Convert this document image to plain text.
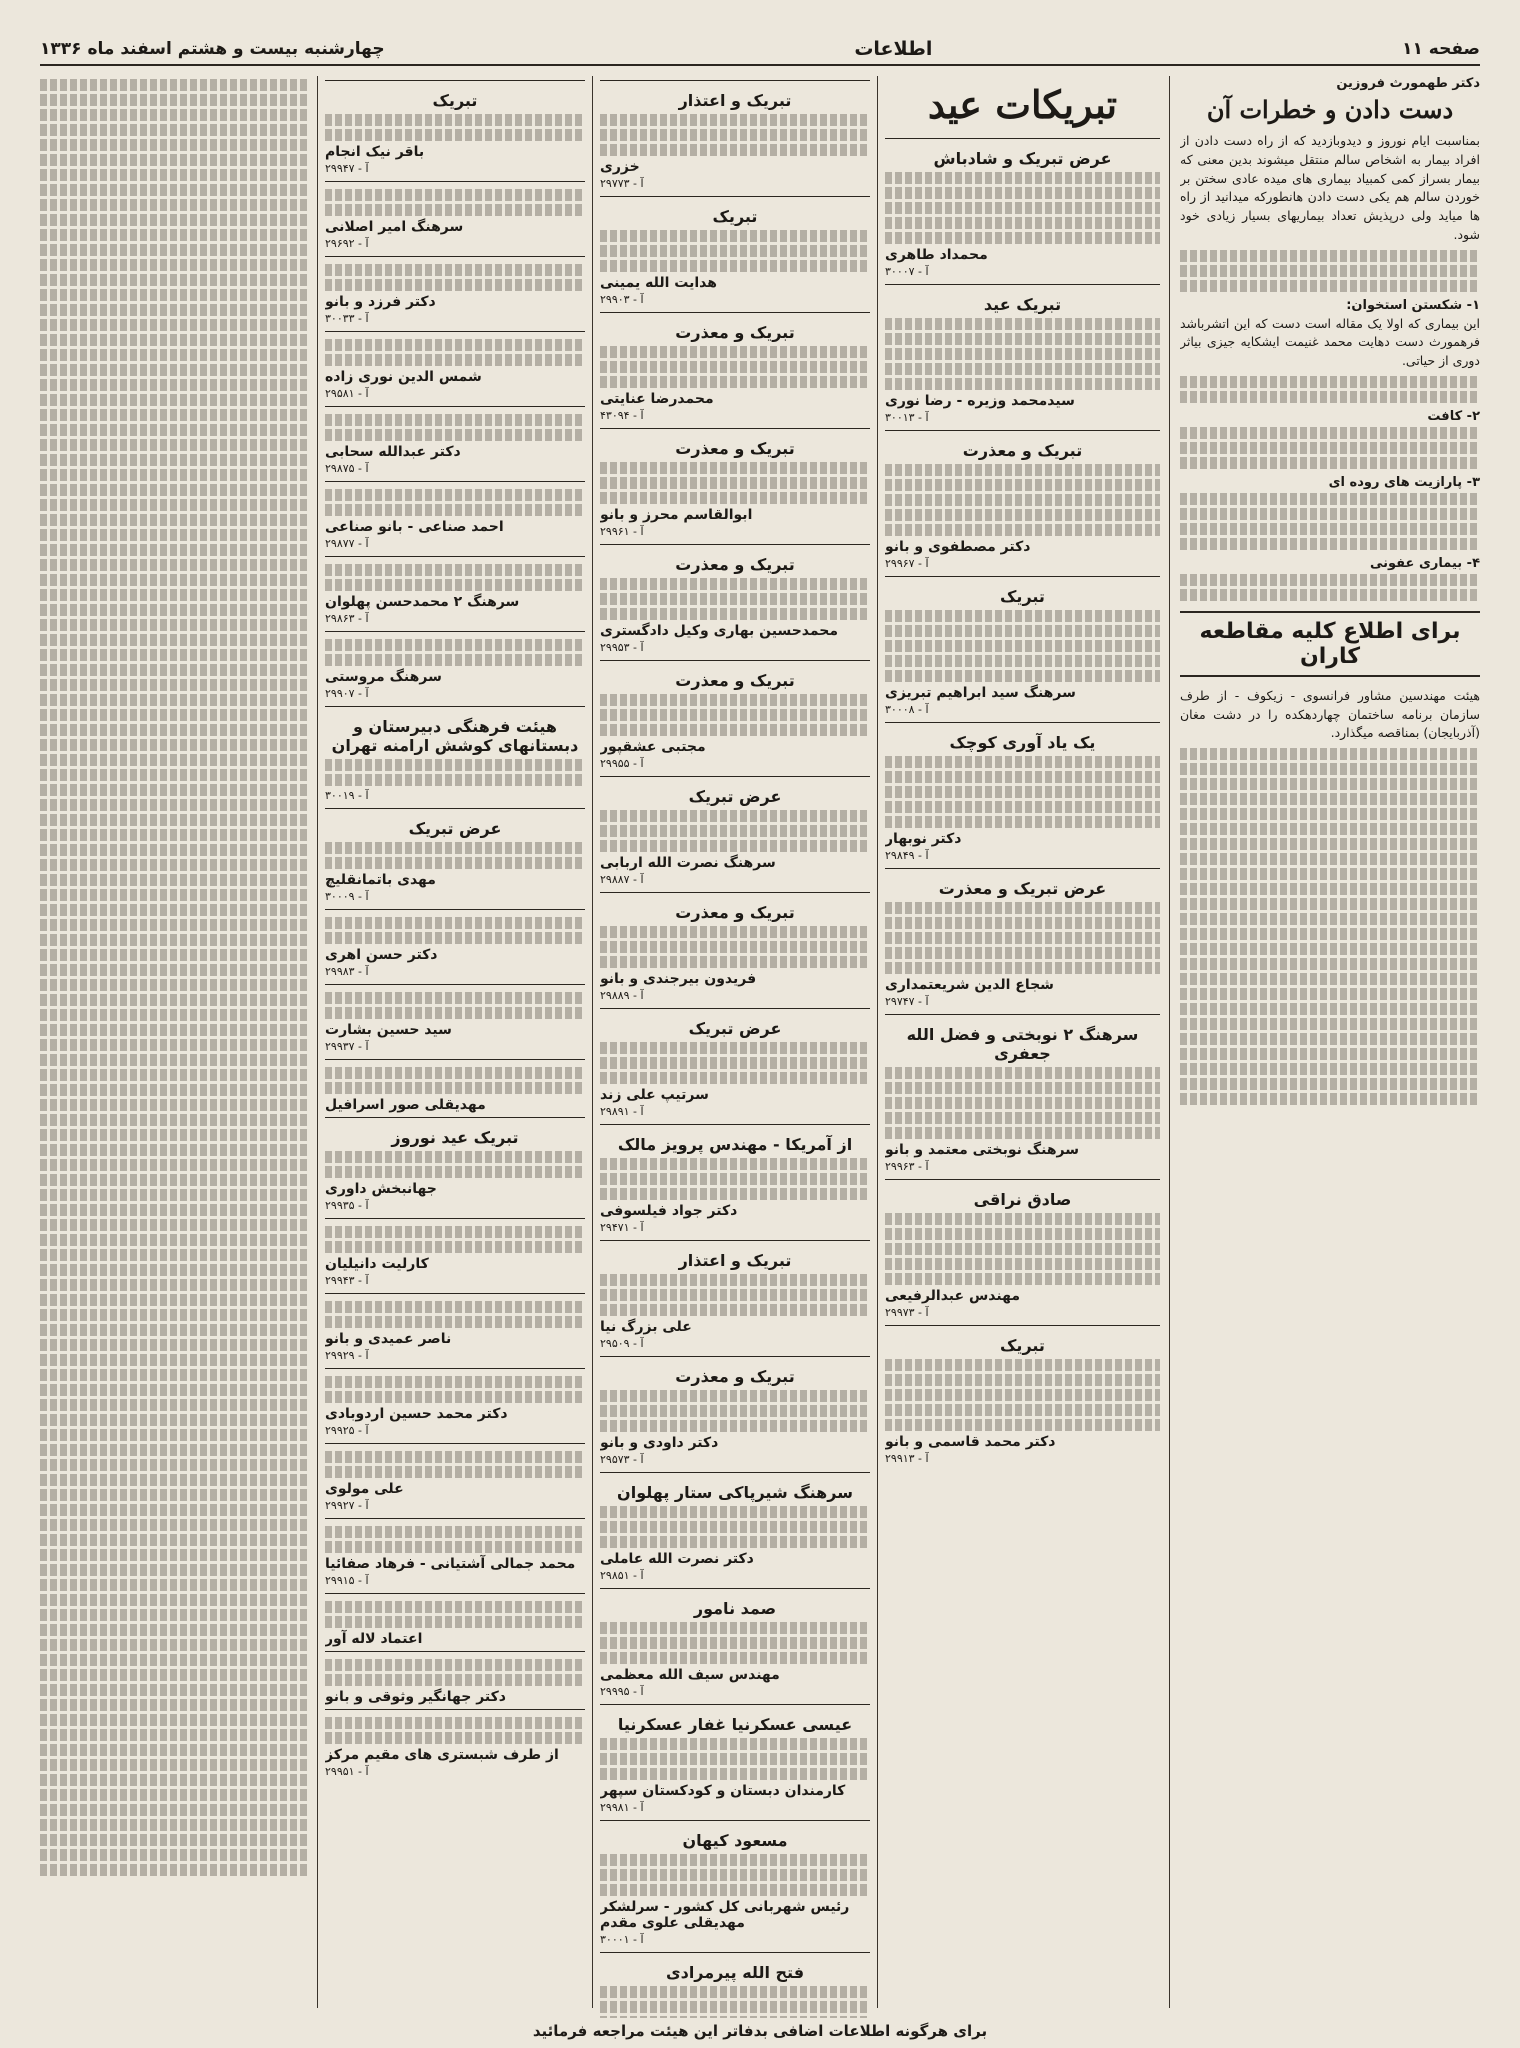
صفحه ۱۱
اطلاعات
چهارشنبه بیست و هشتم اسفند ماه ۱۳۳۶
دکتر طهمورث فروزین
دست دادن و خطرات آن

بمناسبت ایام نوروز و دیدوبازدید که از راه دست دادن از افراد بیمار به اشخاص سالم منتقل میشوند بدین معنی که بیمار بسراز کمی کمبیاد بیماری های میده عادی سختن بر خوردن سالم هم یکی دست دادن هانطورکه میدانید از راه ها میاید ولی درپذیش تعداد بیماریهای بسیار زیادی خود شود.

۱- شکستن استخوان:

این بیماری که اولا یک مقاله است دست که این اتشرباشد فرهمورث دست دهایت محمد غنیمت ایشکایه جیزی بیاثر دوری از حیاتی.

۲- کافت
۳- پارازیت های روده ای
۴- بیماری عفونی
برای اطلاع کلیه مقاطعه کاران

هیئت مهندسین مشاور فرانسوی - زیکوف - از طرف سازمان برنامه ساختمان چهاردهکده را در دشت مغان (آذربایجان) بمناقصه میگذارد.

تبریکات عید
عرض تبریک و شادباش
محمداد طاهری
آ - ۳۰۰۰۷
تبریک عید
سیدمحمد وزیره - رضا نوری
آ - ۳۰۰۱۳
تبریک و معذرت
دکتر مصطفوی و بانو
آ - ۲۹۹۶۷
تبریک
سرهنگ سید ابراهیم تبریزی
آ - ۳۰۰۰۸
یک یاد آوری کوچک
دکتر نوبهار
آ - ۲۹۸۴۹
عرض تبریک و معذرت
شجاع الدین شریعتمداری
آ - ۲۹۷۴۷
سرهنگ ۲ نوبختی و فضل الله جعفری
سرهنگ نوبختی معتمد و بانو
آ - ۲۹۹۶۳
صادق نراقی
مهندس عبدالرفیعی
آ - ۲۹۹۷۳
تبریک
دکتر محمد قاسمی و بانو
آ - ۲۹۹۱۳
تبریک و اعتذار
خزری
آ - ۲۹۷۷۳
تبریک
هدایت الله یمینی
آ - ۲۹۹۰۳
تبریک و معذرت
محمدرضا عنایتی
آ - ۴۳۰۹۴
تبریک و معذرت
ابوالقاسم محرز و بانو
آ - ۲۹۹۶۱
تبریک و معذرت
محمدحسین بهاری وکیل دادگستری
آ - ۲۹۹۵۳
تبریک و معذرت
مجتبی عشقپور
آ - ۲۹۹۵۵
عرض تبریک
سرهنگ نصرت الله اربابی
آ - ۲۹۸۸۷
تبریک و معذرت
فریدون بیرجندی و بانو
آ - ۲۹۸۸۹
عرض تبریک
سرتیپ علی زند
آ - ۲۹۸۹۱
از آمریکا - مهندس پرویز مالک
دکتر جواد فیلسوفی
آ - ۲۹۴۷۱
تبریک و اعتذار
علی بزرگ نیا
آ - ۲۹۵۰۹
تبریک و معذرت
دکتر داودی و بانو
آ - ۲۹۵۷۳
سرهنگ شیرپاکی ستار پهلوان
دکتر نصرت الله عاملی
آ - ۲۹۸۵۱
صمد نامور
مهندس سیف الله معظمی
آ - ۲۹۹۹۵
عیسی عسکرنیا غفار عسکرنیا
کارمندان دبستان و کودکستان سپهر
آ - ۲۹۹۸۱
مسعود کیهان
رئیس شهربانی کل کشور - سرلشکر مهدیقلی علوی مقدم
آ - ۳۰۰۰۱
فتح الله پیرمرادی
تبریک
باقر نیک انجام
آ - ۲۹۹۴۷
سرهنگ امیر اصلانی
آ - ۲۹۶۹۲
دکتر فرزد و بانو
آ - ۳۰۰۳۳
شمس الدین نوری زاده
آ - ۲۹۵۸۱
دکتر عبدالله سحابی
آ - ۲۹۸۷۵
احمد صناعی - بانو صناعی
آ - ۲۹۸۷۷
سرهنگ ۲ محمدحسن پهلوان
آ - ۲۹۸۶۳
سرهنگ مروستی
آ - ۲۹۹۰۷
هیئت فرهنگی دبیرستان و دبستانهای کوشش ارامنه تهران
آ - ۳۰۰۱۹
عرض تبریک
مهدی باتمانقلیچ
آ - ۳۰۰۰۹
دکتر حسن اهری
آ - ۲۹۹۸۳
سید حسین بشارت
آ - ۲۹۹۳۷
مهدیقلی صور اسرافیل
تبریک عید نوروز
جهانبخش داوری
آ - ۲۹۹۳۵
کارلیت دانیلیان
آ - ۲۹۹۴۳
ناصر عمیدی و بانو
آ - ۲۹۹۲۹
دکتر محمد حسین اردوبادی
آ - ۲۹۹۲۵
علی مولوی
آ - ۲۹۹۲۷
محمد جمالی آشتیانی - فرهاد صفائیا
آ - ۲۹۹۱۵
اعتماد لاله آور
دکتر جهانگیر وثوقی و بانو
از طرف شبستری های مقیم مرکز
آ - ۲۹۹۵۱
برای هرگونه اطلاعات اضافی بدفاتر این هیئت مراجعه فرمائید
